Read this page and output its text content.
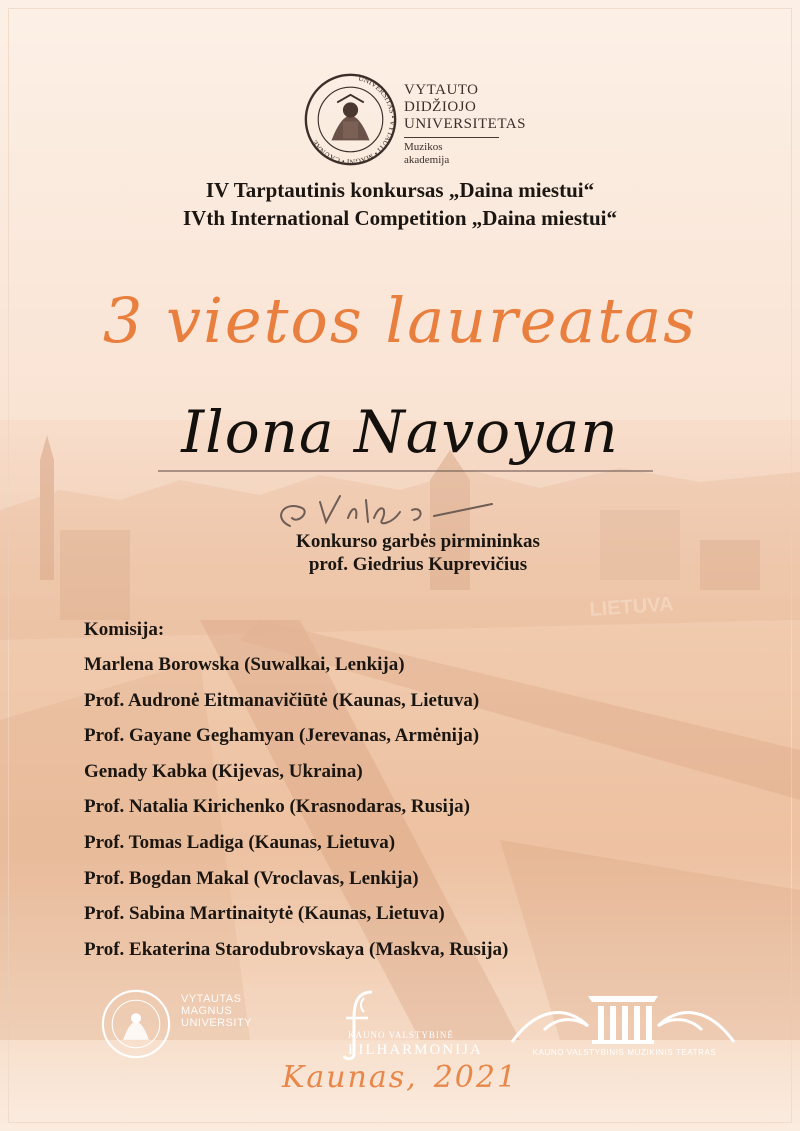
LIETUVA
UNIVERSITAS • VYTAUTI • MAGNI • CAUNAE
VYTAUTO
DIDŽIOJO
UNIVERSITETAS
Muzikos
akademija
IV Tarptautinis konkursas „Daina miestui“
IVth International Competition „Daina miestui“
3 vietos laureatas
Ilona Navoyan
Konkurso garbės pirmininkas
prof. Giedrius Kuprevičius
Komisija:
Marlena Borowska (Suwalkai, Lenkija)
Prof. Audronė Eitmanavičiūtė (Kaunas, Lietuva)
Prof. Gayane Geghamyan (Jerevanas, Armėnija)
Genady Kabka (Kijevas, Ukraina)
Prof. Natalia Kirichenko (Krasnodaras, Rusija)
Prof. Tomas Ladiga (Kaunas, Lietuva)
Prof. Bogdan Makal (Vroclavas, Lenkija)
Prof. Sabina Martinaitytė (Kaunas, Lietuva)
Prof. Ekaterina Starodubrovskaya (Maskva, Rusija)
VYTAUTAS
MAGNUS
UNIVERSITY
KAUNO VALSTYBINĖ
FILHARMONIJA	KAUNO VALSTYBINIS MUZIKINIS TEATRAS
Kaunas, 2021
